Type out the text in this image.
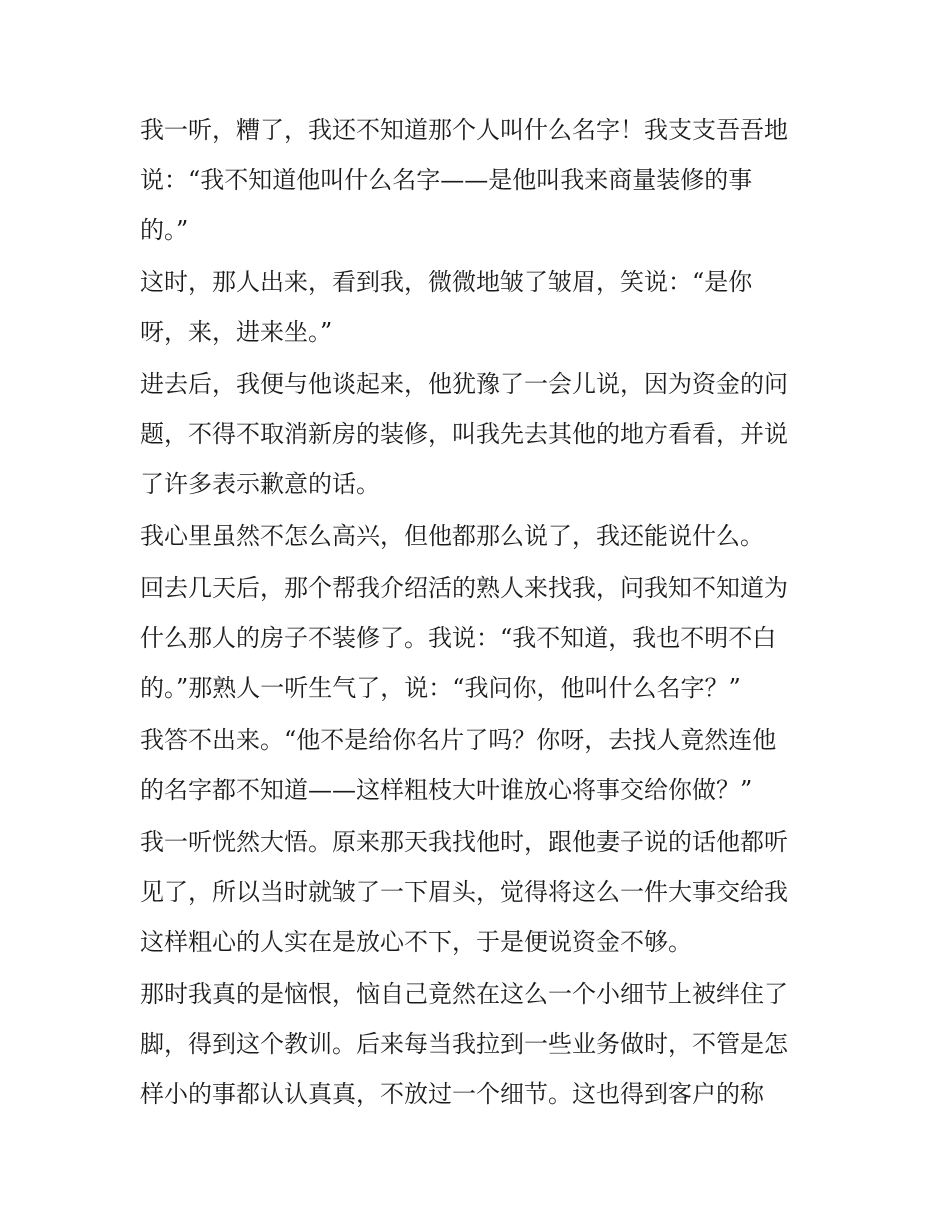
我一听，糟了，我还不知道那个人叫什么名字！我支支吾吾地
说：“我不知道他叫什么名字——是他叫我来商量装修的事
的。”
这时，那人出来，看到我，微微地皱了皱眉，笑说：“是你
呀，来，进来坐。”
进去后，我便与他谈起来，他犹豫了一会儿说，因为资金的问
题，不得不取消新房的装修，叫我先去其他的地方看看，并说
了许多表示歉意的话。
我心里虽然不怎么高兴，但他都那么说了，我还能说什么。
回去几天后，那个帮我介绍活的熟人来找我，问我知不知道为
什么那人的房子不装修了。我说：“我不知道，我也不明不白
的。”那熟人一听生气了，说：“我问你，他叫什么名字？”
我答不出来。“他不是给你名片了吗？你呀，去找人竟然连他
的名字都不知道——这样粗枝大叶谁放心将事交给你做？”
我一听恍然大悟。原来那天我找他时，跟他妻子说的话他都听
见了，所以当时就皱了一下眉头，觉得将这么一件大事交给我
这样粗心的人实在是放心不下，于是便说资金不够。
那时我真的是恼恨，恼自己竟然在这么一个小细节上被绊住了
脚，得到这个教训。后来每当我拉到一些业务做时，不管是怎
样小的事都认认真真，不放过一个细节。这也得到客户的称
